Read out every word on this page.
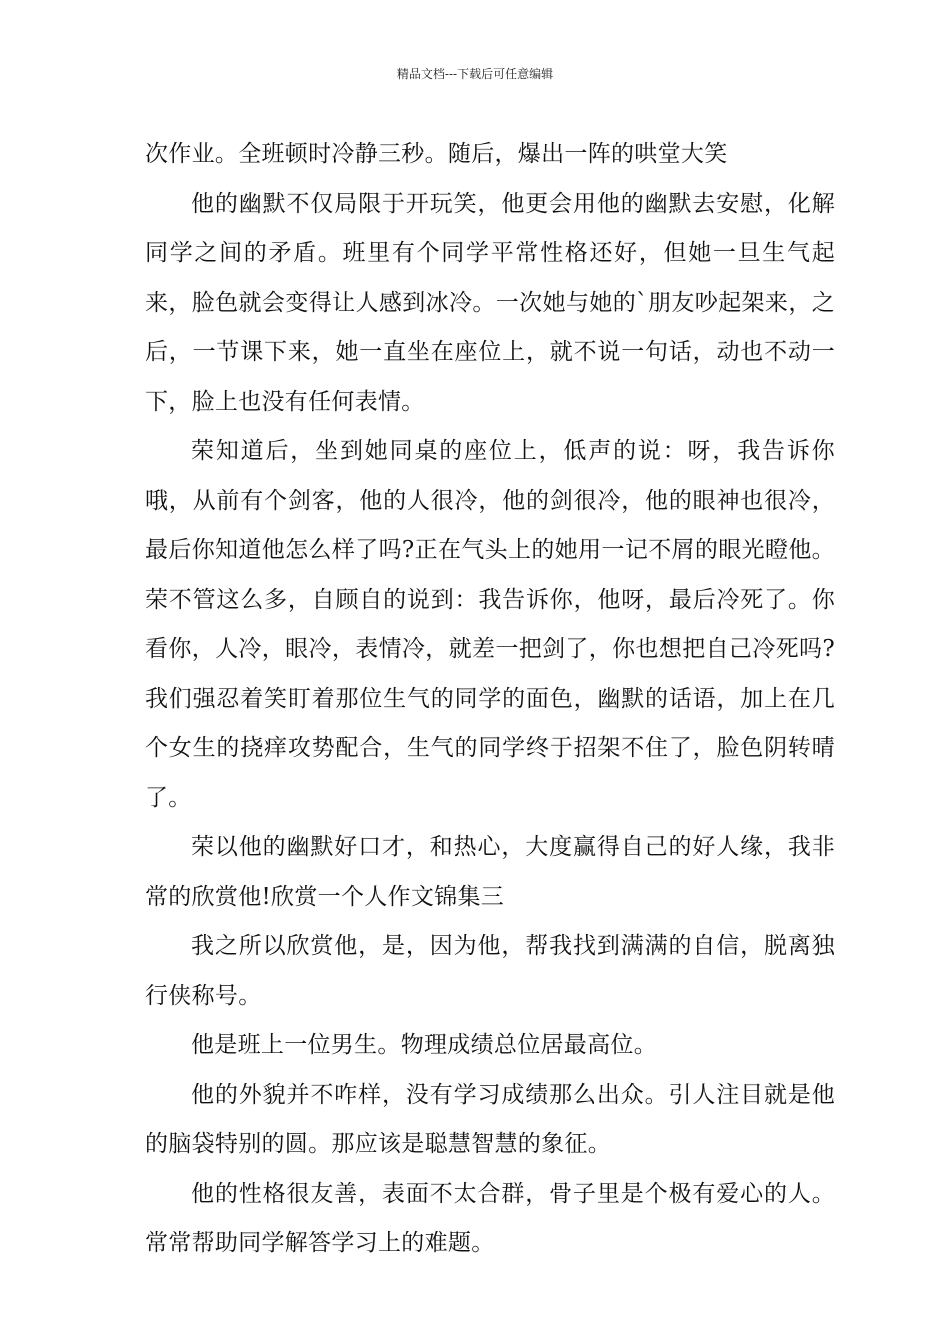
精品文档---下载后可任意编辑

次作业。全班顿时冷静三秒。随后，爆出一阵的哄堂大笑

他的幽默不仅局限于开玩笑，他更会用他的幽默去安慰，化解同学之间的矛盾。班里有个同学平常性格还好，但她一旦生气起来，脸色就会变得让人感到冰冷。一次她与她的`朋友吵起架来，之后，一节课下来，她一直坐在座位上，就不说一句话，动也不动一下，脸上也没有任何表情。

荣知道后，坐到她同桌的座位上，低声的说：呀，我告诉你哦，从前有个剑客，他的人很冷，他的剑很冷，他的眼神也很冷，最后你知道他怎么样了吗?正在气头上的她用一记不屑的眼光瞪他。荣不管这么多，自顾自的说到：我告诉你，他呀，最后冷死了。你看你，人冷，眼冷，表情冷，就差一把剑了，你也想把自己冷死吗?我们强忍着笑盯着那位生气的同学的面色，幽默的话语，加上在几个女生的挠痒攻势配合，生气的同学终于招架不住了，脸色阴转晴了。

荣以他的幽默好口才，和热心，大度赢得自己的好人缘，我非常的欣赏他!欣赏一个人作文锦集三

我之所以欣赏他，是，因为他，帮我找到满满的自信，脱离独行侠称号。

他是班上一位男生。物理成绩总位居最高位。

他的外貌并不咋样，没有学习成绩那么出众。引人注目就是他的脑袋特别的圆。那应该是聪慧智慧的象征。

他的性格很友善，表面不太合群，骨子里是个极有爱心的人。常常帮助同学解答学习上的难题。
